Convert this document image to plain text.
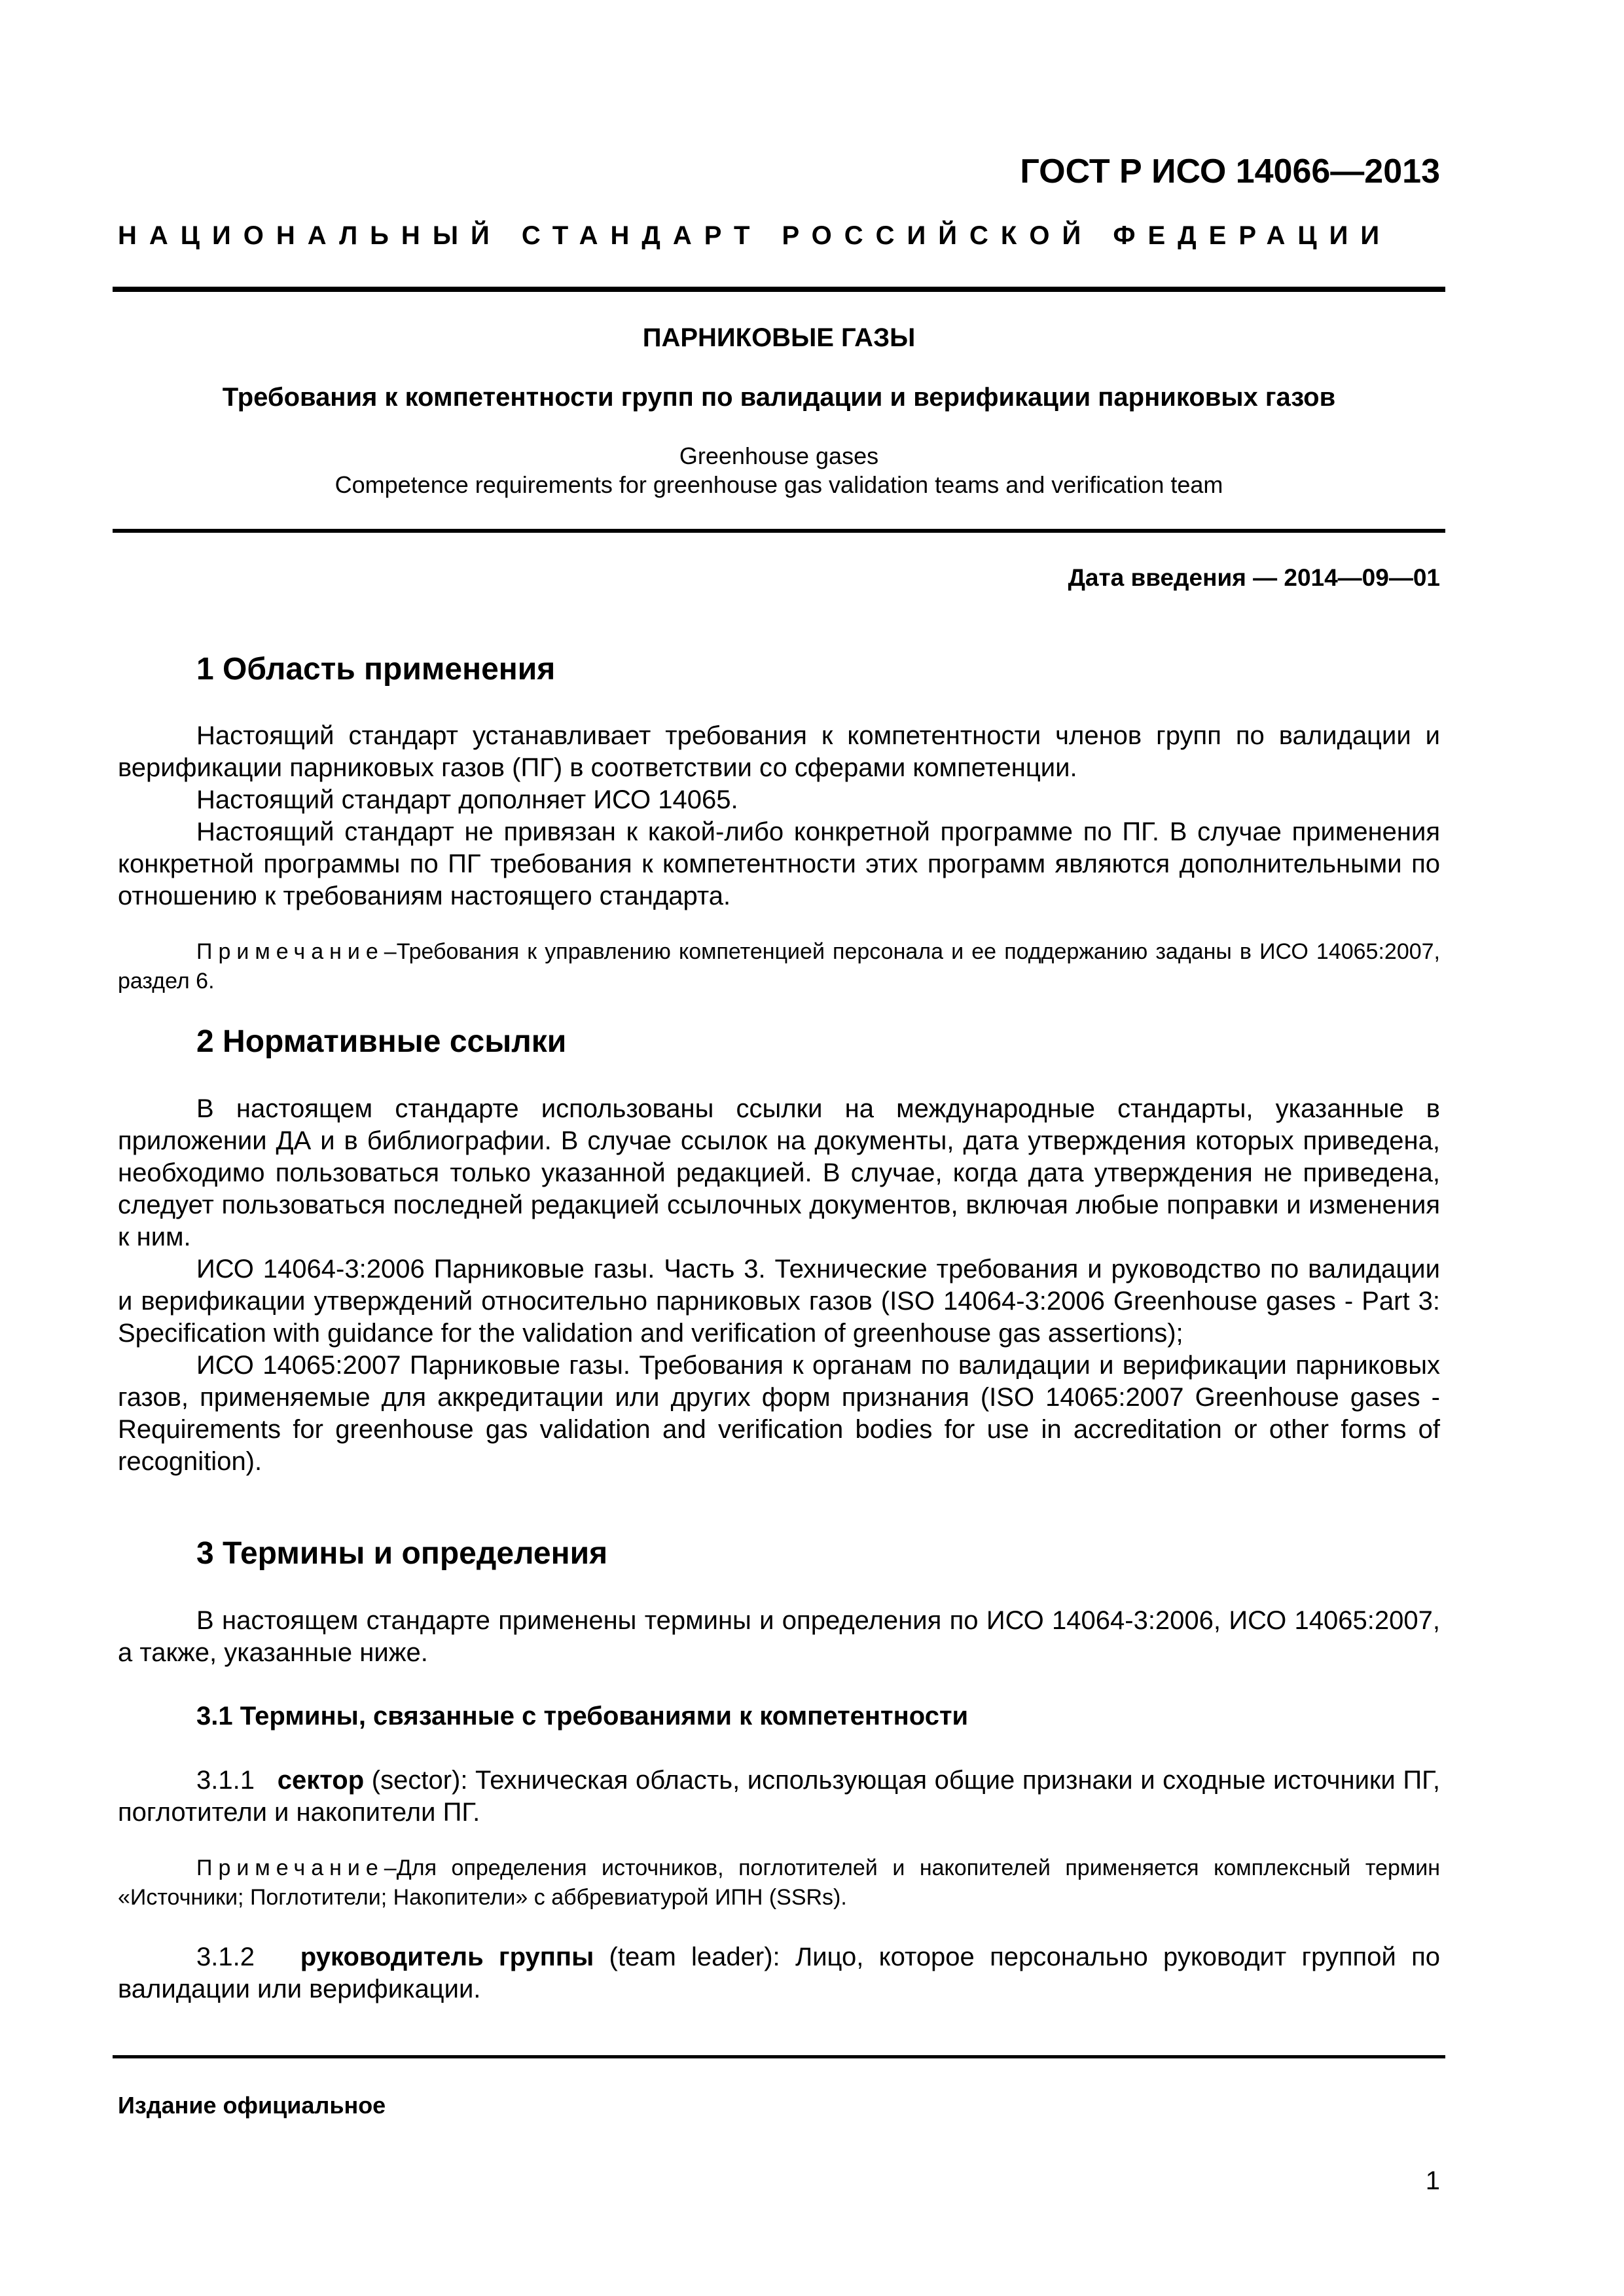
ГОСТ Р ИСО 14066—2013
НАЦИОНАЛЬНЫЙ СТАНДАРТ РОССИЙСКОЙ ФЕДЕРАЦИИ
ПАРНИКОВЫЕ ГАЗЫ
Требования к компетентности групп по валидации и верификации парниковых газов
Greenhouse gases
Competence requirements for greenhouse gas validation teams and verification team
Дата введения — 2014—09—01
1 Область применения

Настоящий стандарт устанавливает требования к компетентности членов групп по валидации и верификации парниковых газов (ПГ) в соответствии со сферами компетенции.

Настоящий стандарт дополняет ИСО 14065.

Настоящий стандарт не привязан к какой-либо конкретной программе по ПГ. В случае применения конкретной программы по ПГ требования к компетентности этих программ являются дополнительными по отношению к требованиям настоящего стандарта.

Примечание–Требования к управлению компетенцией персонала и ее поддержанию заданы в ИСО 14065:2007, раздел 6.

2 Нормативные ссылки

В настоящем стандарте использованы ссылки на международные стандарты, указанные в приложении ДА и в библиографии. В случае ссылок на документы, дата утверждения которых приведена, необходимо пользоваться только указанной редакцией. В случае, когда дата утверждения не приведена, следует пользоваться последней редакцией ссылочных документов, включая любые поправки и изменения к ним.

ИСО 14064-3:2006 Парниковые газы. Часть 3. Технические требования и руководство по валидации и верификации утверждений относительно парниковых газов (ISO 14064-3:2006 Greenhouse gases - Part 3: Specification with guidance for the validation and verification of greenhouse gas assertions);

ИСО 14065:2007 Парниковые газы. Требования к органам по валидации и верификации парниковых газов, применяемые для аккредитации или других форм признания (ISO 14065:2007 Greenhouse gases - Requirements for greenhouse gas validation and verification bodies for use in accreditation or other forms of recognition).

3 Термины и определения

В настоящем стандарте применены термины и определения по ИСО 14064-3:2006, ИСО 14065:2007, а также, указанные ниже.

3.1 Термины, связанные с требованиями к компетентности

3.1.1 сектор (sector): Техническая область, использующая общие признаки и сходные источники ПГ, поглотители и накопители ПГ.

Примечание–Для определения источников, поглотителей и накопителей применяется комплексный термин «Источники; Поглотители; Накопители» с аббревиатурой ИПН (SSRs).

3.1.2 руководитель группы (team leader): Лицо, которое персонально руководит группой по валидации или верификации.

Издание официальное
1
